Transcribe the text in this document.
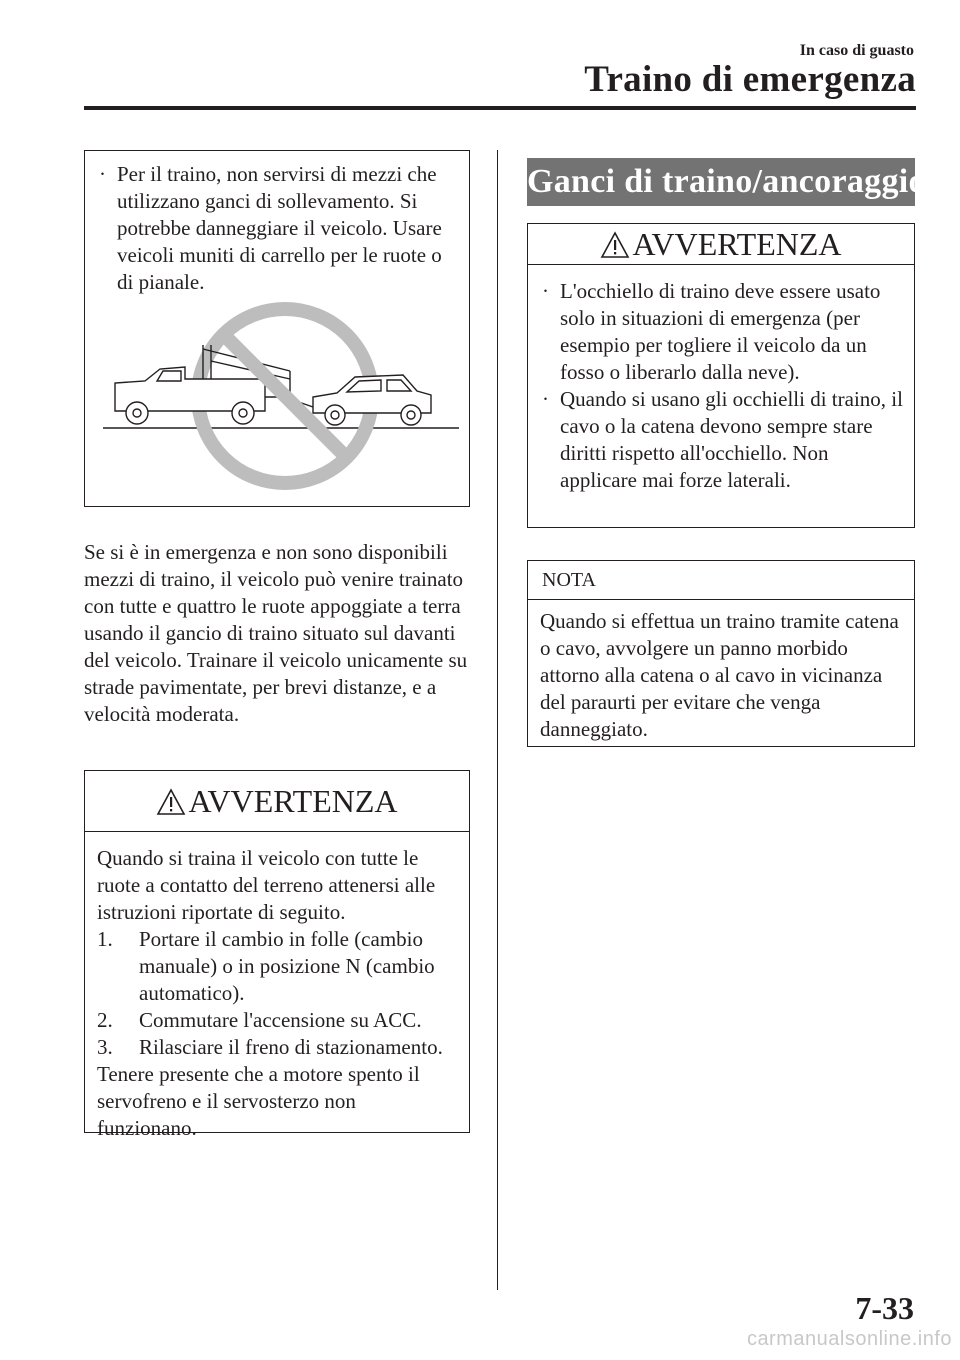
In caso di guasto
Traino di emergenza
· Per il traino, non servirsi di mezzi che utilizzano ganci di sollevamento. Si potrebbe danneggiare il veicolo. Usare veicoli muniti di carrello per le ruote o di pianale.
Se si è in emergenza e non sono disponibili mezzi di traino, il veicolo può venire trainato con tutte e quattro le ruote appoggiate a terra usando il gancio di traino situato sul davanti del veicolo. Trainare il veicolo unicamente su strade pavimentate, per brevi distanze, e a velocità moderata.
AVVERTENZA
Quando si traina il veicolo con tutte le ruote a contatto del terreno attenersi alle istruzioni riportate di seguito.
1. Portare il cambio in folle (cambio manuale) o in posizione N (cambio automatico).
2. Commutare l'accensione su ACC.
3. Rilasciare il freno di stazionamento.
Tenere presente che a motore spento il servofreno e il servosterzo non funzionano.
Ganci di traino/ancoraggio
AVVERTENZA
· L'occhiello di traino deve essere usato solo in situazioni di emergenza (per esempio per togliere il veicolo da un fosso o liberarlo dalla neve).
· Quando si usano gli occhielli di traino, il cavo o la catena devono sempre stare diritti rispetto all'occhiello. Non applicare mai forze laterali.
NOTA
Quando si effettua un traino tramite catena o cavo, avvolgere un panno morbido attorno alla catena o al cavo in vicinanza del paraurti per evitare che venga danneggiato.
7-33
carmanualsonline.info
